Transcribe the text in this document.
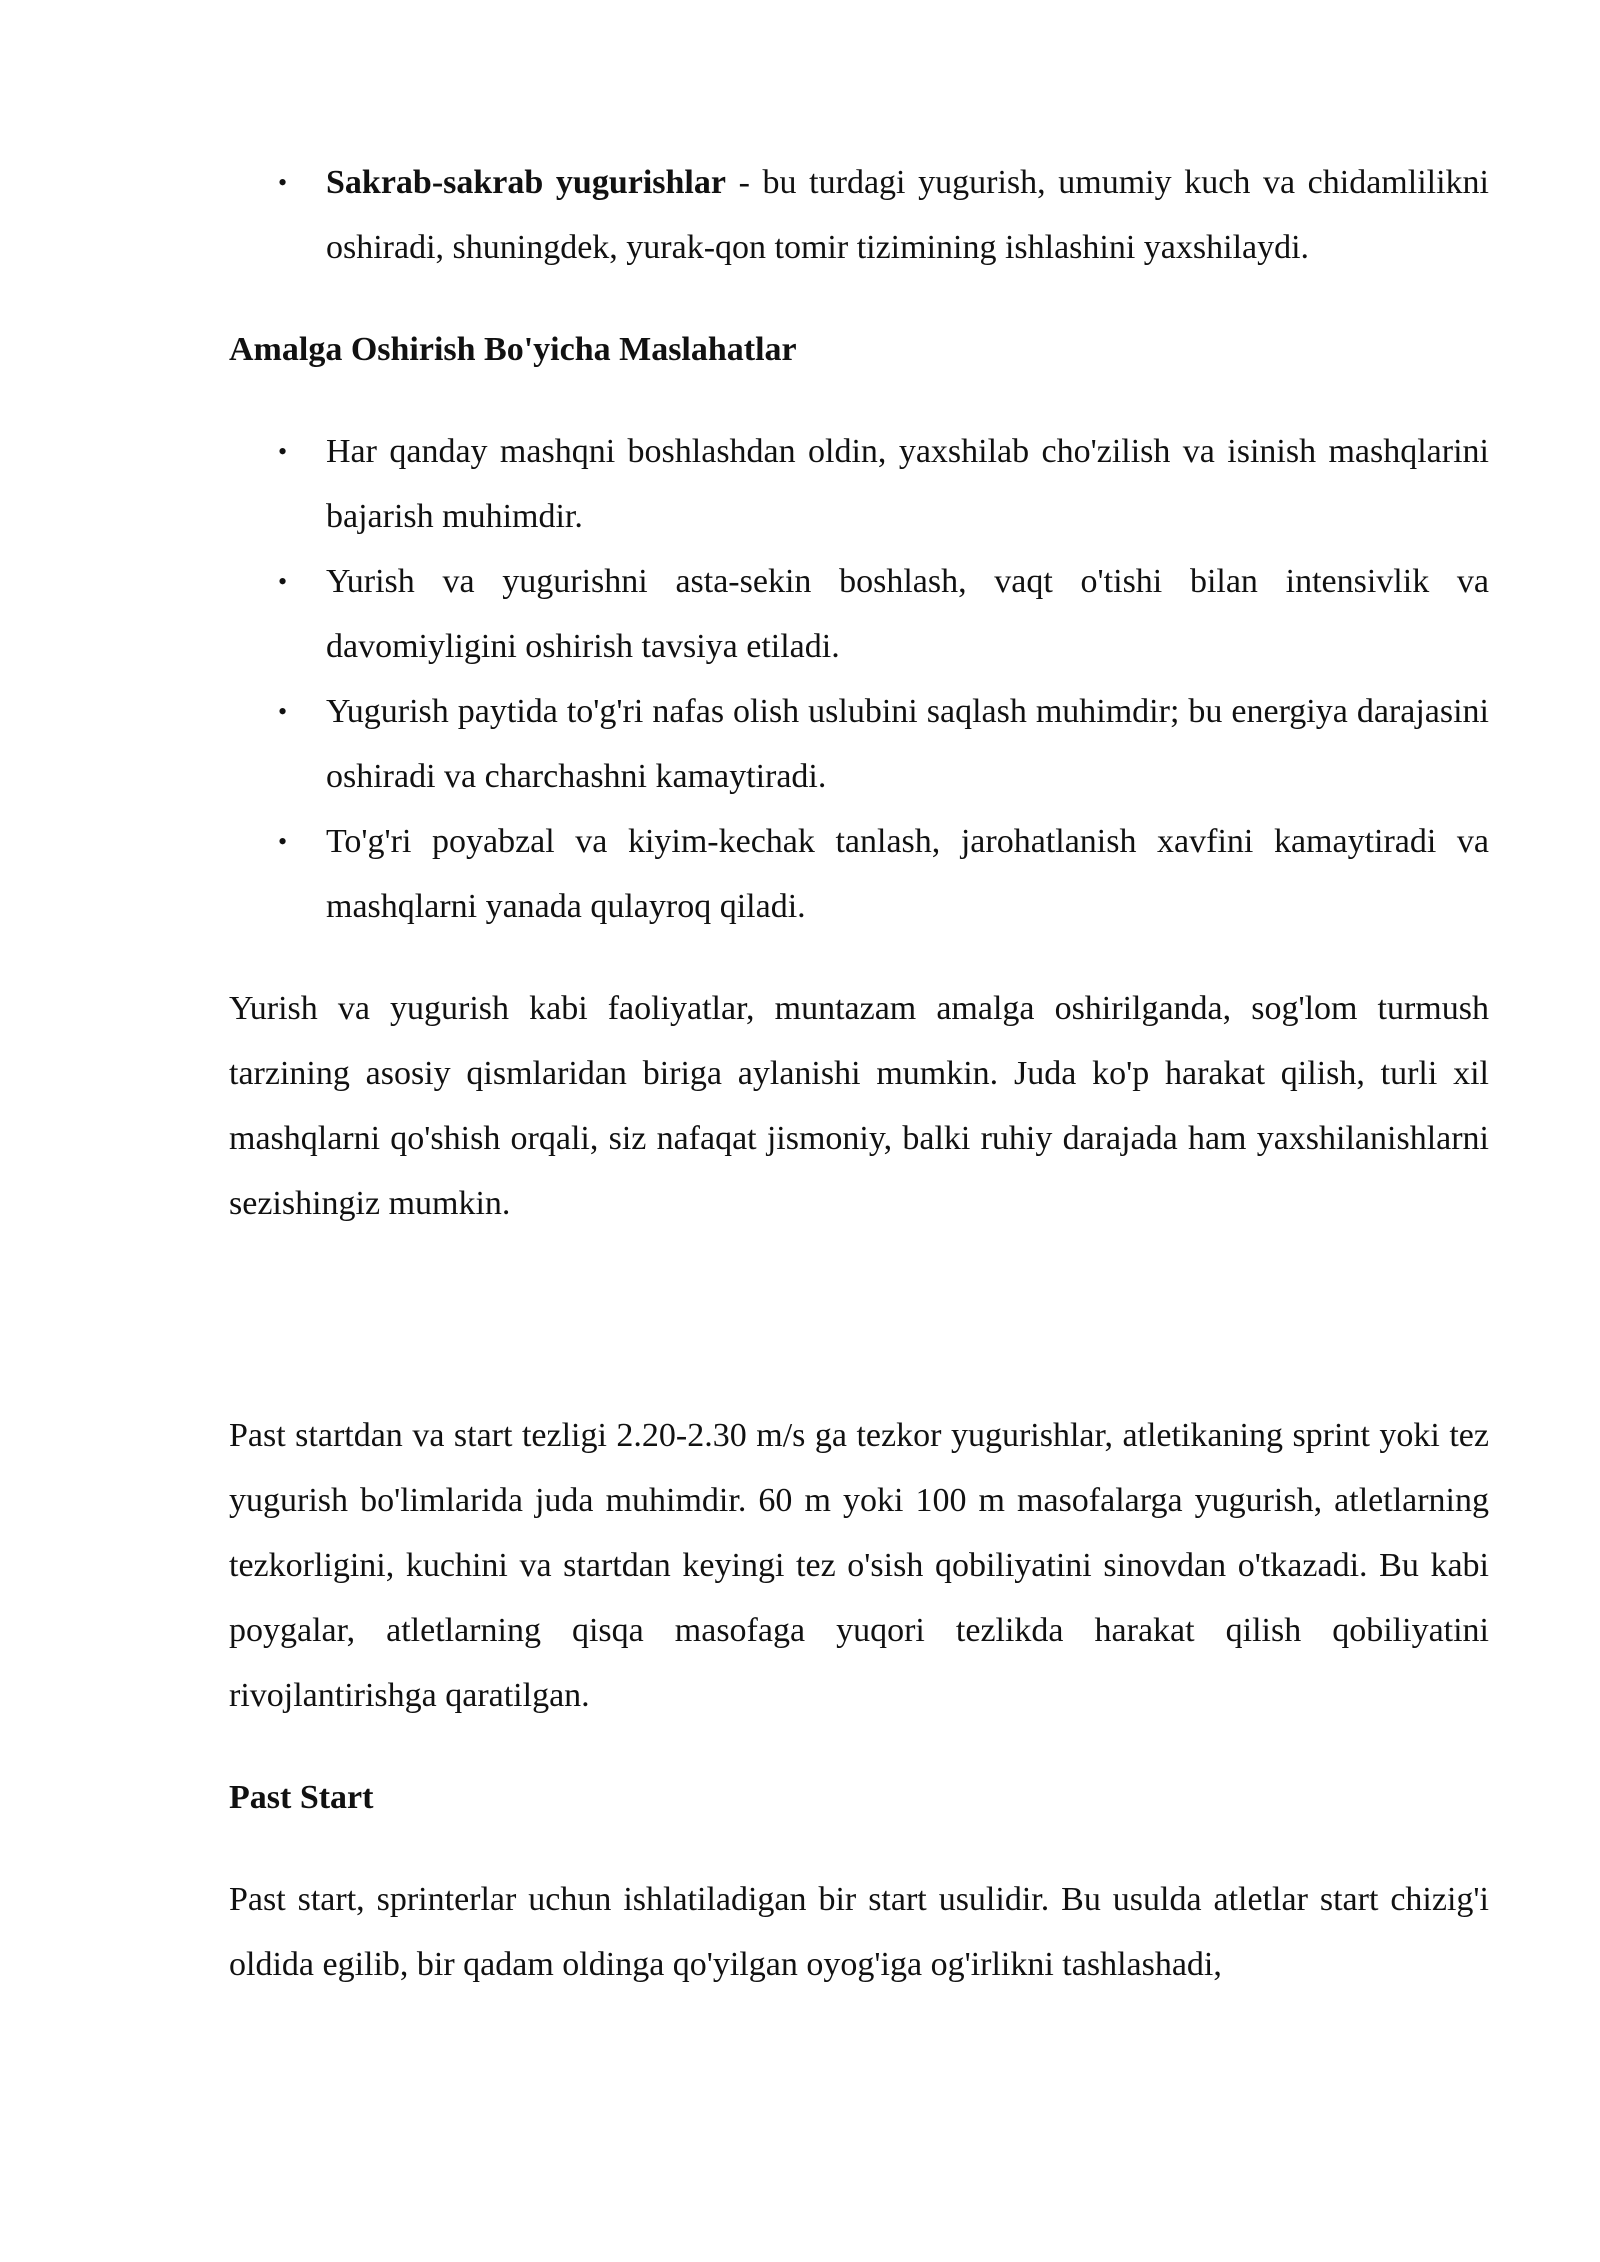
• Sakrab-sakrab yugurishlar - bu turdagi yugurish, umumiy kuch va chidamlilikni oshiradi, shuningdek, yurak-qon tomir tizimining ishlashini yaxshilaydi.
Amalga Oshirish Bo'yicha Maslahatlar
• Har qanday mashqni boshlashdan oldin, yaxshilab cho'zilish va isinish mashqlarini bajarish muhimdir.
• Yurish va yugurishni asta-sekin boshlash, vaqt o'tishi bilan intensivlik va davomiyligini oshirish tavsiya etiladi.
• Yugurish paytida to'g'ri nafas olish uslubini saqlash muhimdir; bu energiya darajasini oshiradi va charchashni kamaytiradi.
• To'g'ri poyabzal va kiyim-kechak tanlash, jarohatlanish xavfini kamaytiradi va mashqlarni yanada qulayroq qiladi.

Yurish va yugurish kabi faoliyatlar, muntazam amalga oshirilganda, sog'lom turmush tarzining asosiy qismlaridan biriga aylanishi mumkin. Juda ko'p harakat qilish, turli xil mashqlarni qo'shish orqali, siz nafaqat jismoniy, balki ruhiy darajada ham yaxshilanishlarni sezishingiz mumkin.

Past startdan va start tezligi 2.20-2.30 m/s ga tezkor yugurishlar, atletikaning sprint yoki tez yugurish bo'limlarida juda muhimdir. 60 m yoki 100 m masofalarga yugurish, atletlarning tezkorligini, kuchini va startdan keyingi tez o'sish qobiliyatini sinovdan o'tkazadi. Bu kabi poygalar, atletlarning qisqa masofaga yuqori tezlikda harakat qilish qobiliyatini rivojlantirishga qaratilgan.

Past Start

Past start, sprinterlar uchun ishlatiladigan bir start usulidir. Bu usulda atletlar start chizig'i oldida egilib, bir qadam oldinga qo'yilgan oyog'iga og'irlikni tashlashadi,
